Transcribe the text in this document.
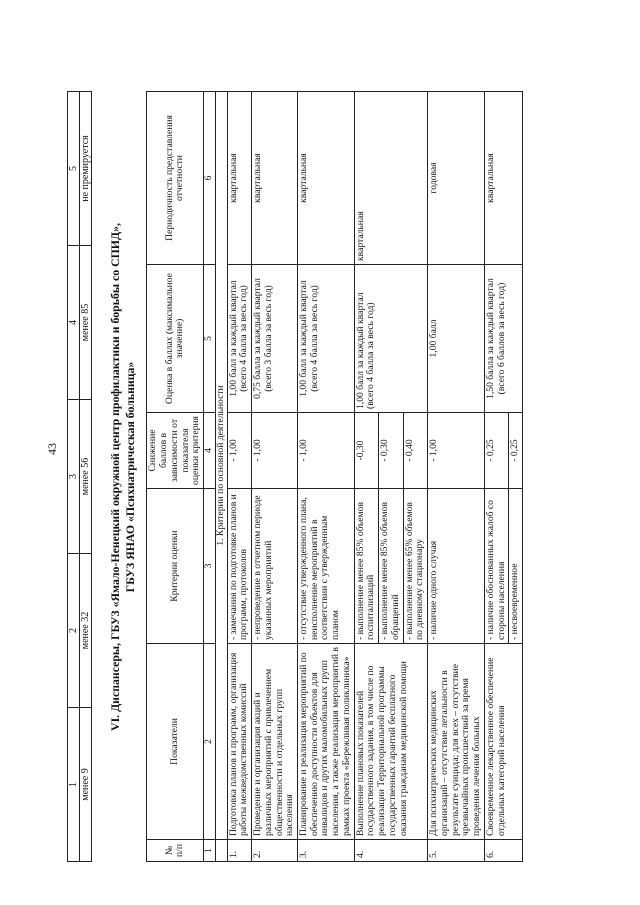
43
1	2	3	4	5
менее 9	менее 32	менее 56	менее 85	не премируется
VI. Диспансеры, ГБУЗ «Ямало-Ненецкий окружной центр профилактики и борьбы со СПИД», ГБУЗ ЯНАО «Психиатрическая больница»
№ п/п	Показатели	Критерии оценки	Снижение баллов в зависимости от показателя оценки критерия	Оценка в баллах (максимальное значение)	Периодичность представления отчетности
1	2	3	4	5	6
	1. Критерии по основной деятельности				
1.	Подготовка планов и программ, организация работы межведомственных комиссий	- замечания по подготовке планов и программ, протоколов	- 1,00	1,00 балл за каждый квартал (всего 4 балла за весь год)	квартальная
2.	Проведение и организация акций и различных мероприятий с привлечением общественности и отдельных групп населения	- непроведение в отчетном периоде указанных мероприятий	- 1,00	0,75 балла за каждый квартал (всего 3 балла за весь год)	квартальная
3.	Планирование и реализация мероприятий по обеспечению доступности объектов для инвалидов и других маломобильных групп населения, а также реализация мероприятий в рамках проекта «Бережливая поликлиника»	- отсутствие утвержденного плана, неисполнение мероприятий в соответствии с утвержденным планом	- 1,00	1,00 балл за каждый квартал (всего 4 балла за весь год)	квартальная
4.	Выполнение плановых показателей государственного задания, в том числе по реализации Территориальной программы государственных гарантий бесплатного оказания гражданам медицинской помощи	- выполнение менее 85% объемов госпитализаций	-0,30	1,00 балл за каждый квартал (всего 4 балла за весь год)	квартальная
		- выполнение менее 85% объемов обращений	- 0,30		
		- выполнение менее 65% объемов по дневному стационару	- 0,40		
5.	Для психиатрических медицинских организаций – отсутствие летальности в результате суицида; для всех – отсутствие чрезвычайных происшествий за время проведения лечения больных	- наличие одного случая	- 1,00	1,00 балл	годовая
6.	Своевременное лекарственное обеспечение отдельных категорий населения	- наличие обоснованных жалоб со стороны населения	- 0,25	1,50 балла за каждый квартал (всего 6 баллов за весь год)	квартальная
		- несвоевременное	- 0,25		
